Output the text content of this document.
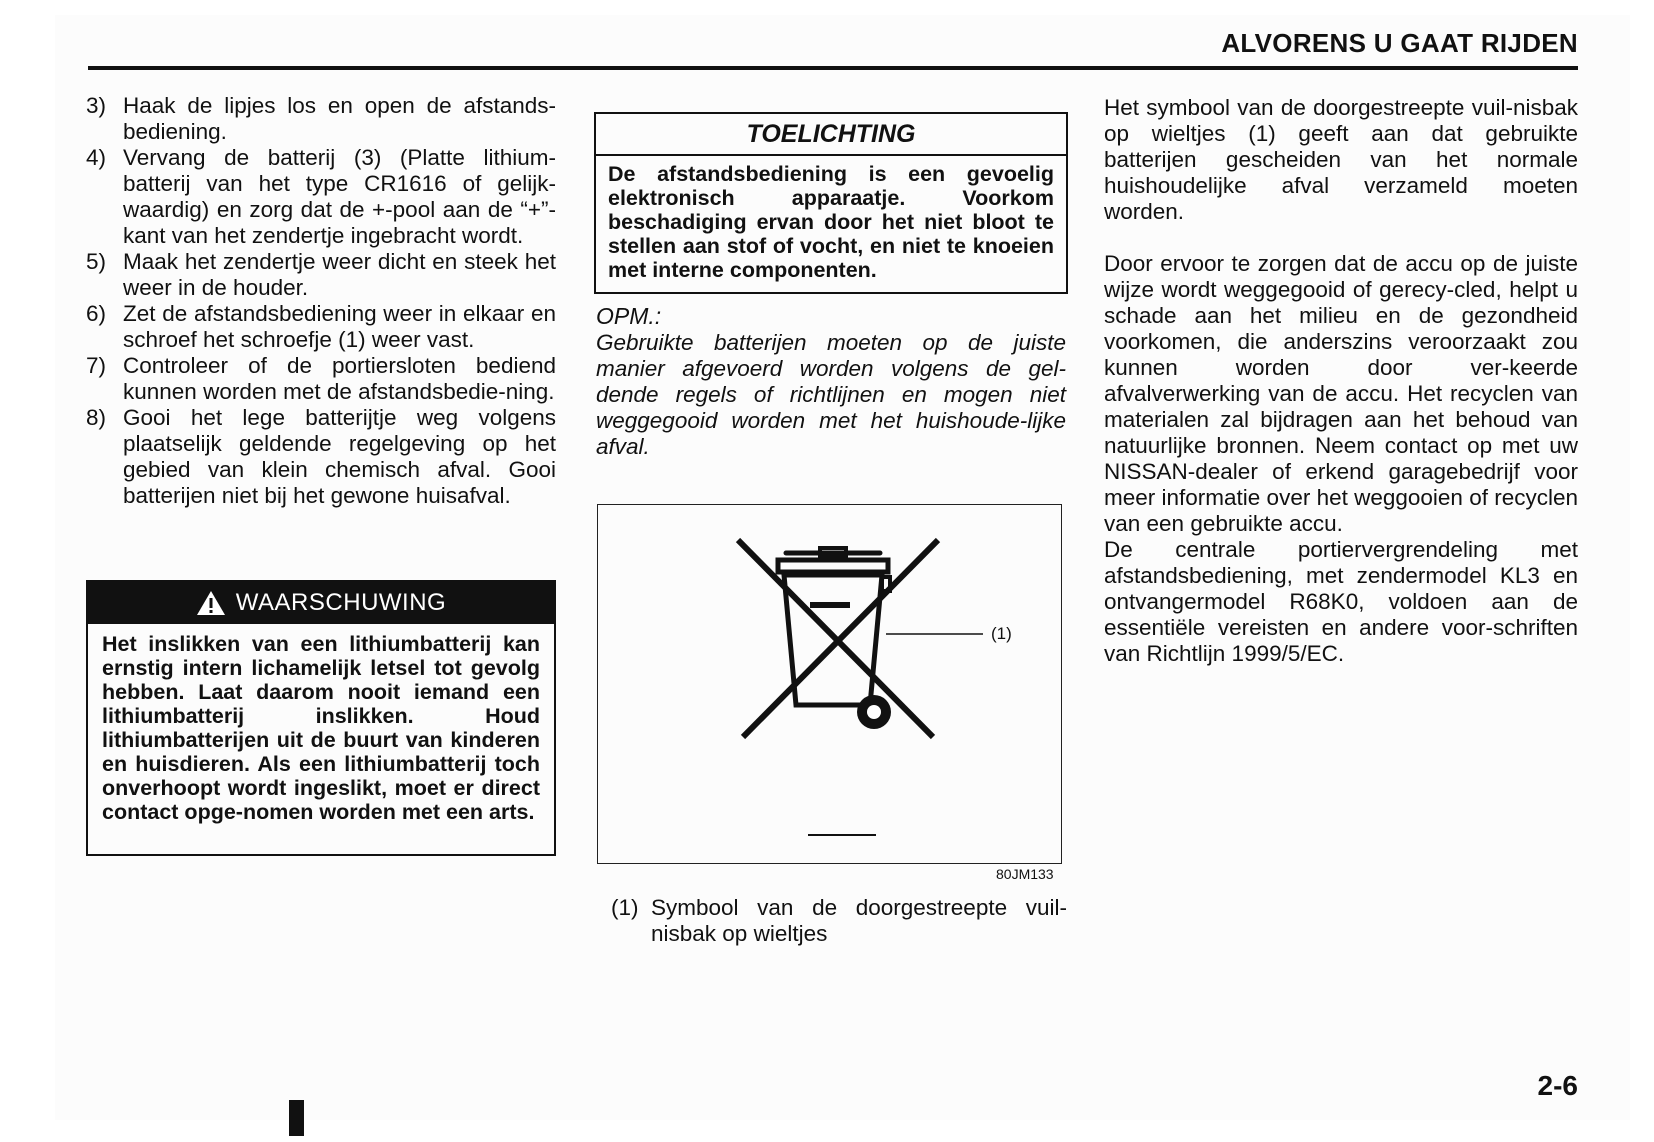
ALVORENS U GAAT RIJDEN
3) Haak de lipjes los en open de afstands-bediening.
4) Vervang de batterij (3) (Platte lithium-batterij van het type CR1616 of gelijk-waardig) en zorg dat de +-pool aan de “+”-kant van het zendertje ingebracht wordt.
5) Maak het zendertje weer dicht en steek het weer in de houder.
6) Zet de afstandsbediening weer in elkaar en schroef het schroefje (1) weer vast.
7) Controleer of de portiersloten bediend kunnen worden met de afstandsbedie-ning.
8) Gooi het lege batterijtje weg volgens plaatselijk geldende regelgeving op het gebied van klein chemisch afval. Gooi batterijen niet bij het gewone huisafval.
WAARSCHUWING
Het inslikken van een lithiumbatterij kan ernstig intern lichamelijk letsel tot gevolg hebben. Laat daarom nooit iemand een lithiumbatterij inslikken. Houd lithiumbatterijen uit de buurt van kinderen en huisdieren. Als een lithiumbatterij toch onverhoopt wordt ingeslikt, moet er direct contact opge-nomen worden met een arts.
TOELICHTING
De afstandsbediening is een gevoelig elektronisch apparaatje. Voorkom beschadiging ervan door het niet bloot te stellen aan stof of vocht, en niet te knoeien met interne componenten.
OPM.:
Gebruikte batterijen moeten op de juiste manier afgevoerd worden volgens de gel-dende regels of richtlijnen en mogen niet weggegooid worden met het huishoude-lijke afval.
(1)
80JM133
(1) Symbool van de doorgestreepte vuil-nisbak op wieltjes

Het symbool van de doorgestreepte vuil-nisbak op wieltjes (1) geeft aan dat gebruikte batterijen gescheiden van het normale huishoudelijke afval verzameld moeten worden.

Door ervoor te zorgen dat de accu op de juiste wijze wordt weggegooid of gerecy-cled, helpt u schade aan het milieu en de gezondheid voorkomen, die anderszins veroorzaakt zou kunnen worden door ver-keerde afvalverwerking van de accu. Het recyclen van materialen zal bijdragen aan het behoud van natuurlijke bronnen. Neem contact op met uw NISSAN-dealer of erkend garagebedrijf voor meer informatie over het weggooien of recyclen van een gebruikte accu.

De centrale portiervergrendeling met afstandsbediening, met zendermodel KL3 en ontvangermodel R68K0, voldoen aan de essentiële vereisten en andere voor-schriften van Richtlijn 1999/5/EC.

2-6
